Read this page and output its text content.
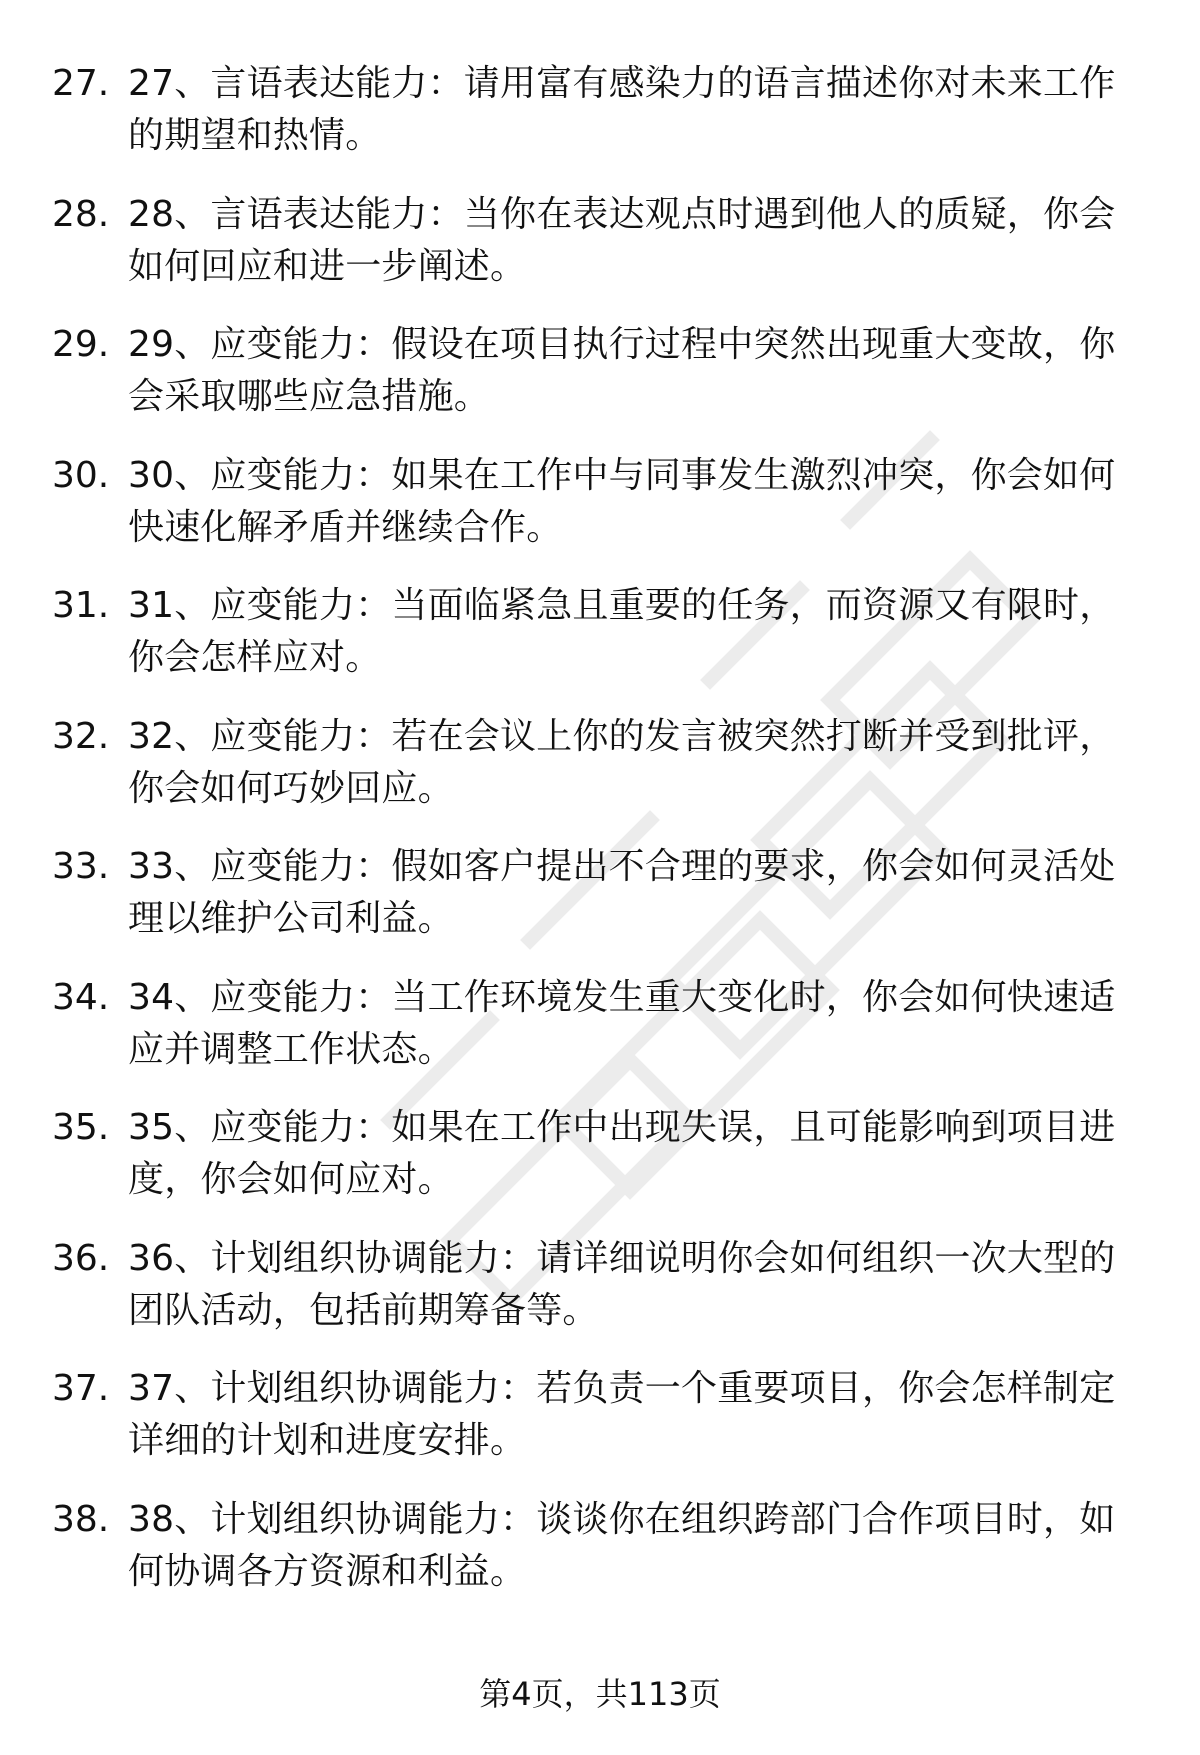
27. 27、言语表达能力：请用富有感染力的语言描述你对未来工作的期望和热情。
28. 28、言语表达能力：当你在表达观点时遇到他人的质疑，你会如何回应和进一步阐述。
29. 29、应变能力：假设在项目执行过程中突然出现重大变故，你会采取哪些应急措施。
30. 30、应变能力：如果在工作中与同事发生激烈冲突，你会如何快速化解矛盾并继续合作。
31. 31、应变能力：当面临紧急且重要的任务，而资源又有限时，你会怎样应对。
32. 32、应变能力：若在会议上你的发言被突然打断并受到批评，你会如何巧妙回应。
33. 33、应变能力：假如客户提出不合理的要求，你会如何灵活处理以维护公司利益。
34. 34、应变能力：当工作环境发生重大变化时，你会如何快速适应并调整工作状态。
35. 35、应变能力：如果在工作中出现失误，且可能影响到项目进度，你会如何应对。
36. 36、计划组织协调能力：请详细说明你会如何组织一次大型的团队活动，包括前期筹备等。
37. 37、计划组织协调能力：若负责一个重要项目，你会怎样制定详细的计划和进度安排。
38. 38、计划组织协调能力：谈谈你在组织跨部门合作项目时，如何协调各方资源和利益。
第4页，共113页
